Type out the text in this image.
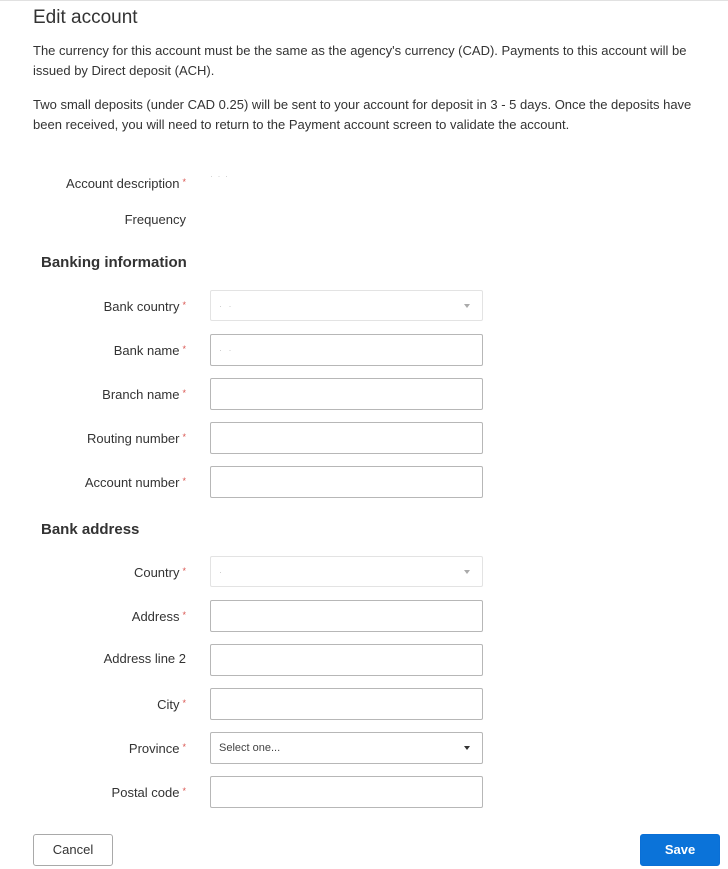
Edit account

The currency for this account must be the same as the agency's currency (CAD). Payments to this account will be issued by Direct deposit (ACH).

Two small deposits (under CAD 0.25) will be sent to your account for deposit in 3 - 5 days. Once the deposits have been received, you will need to return to the Payment account screen to validate the account.

Account description *
· · ·
Frequency
Banking information
Bank country *	· ·
Bank name *	· ·
Branch name *
Routing number *
Account number *
Bank address
Country *	·
Address *
Address line 2
City *
Province *	Select one...
Postal code *
Cancel	Save
